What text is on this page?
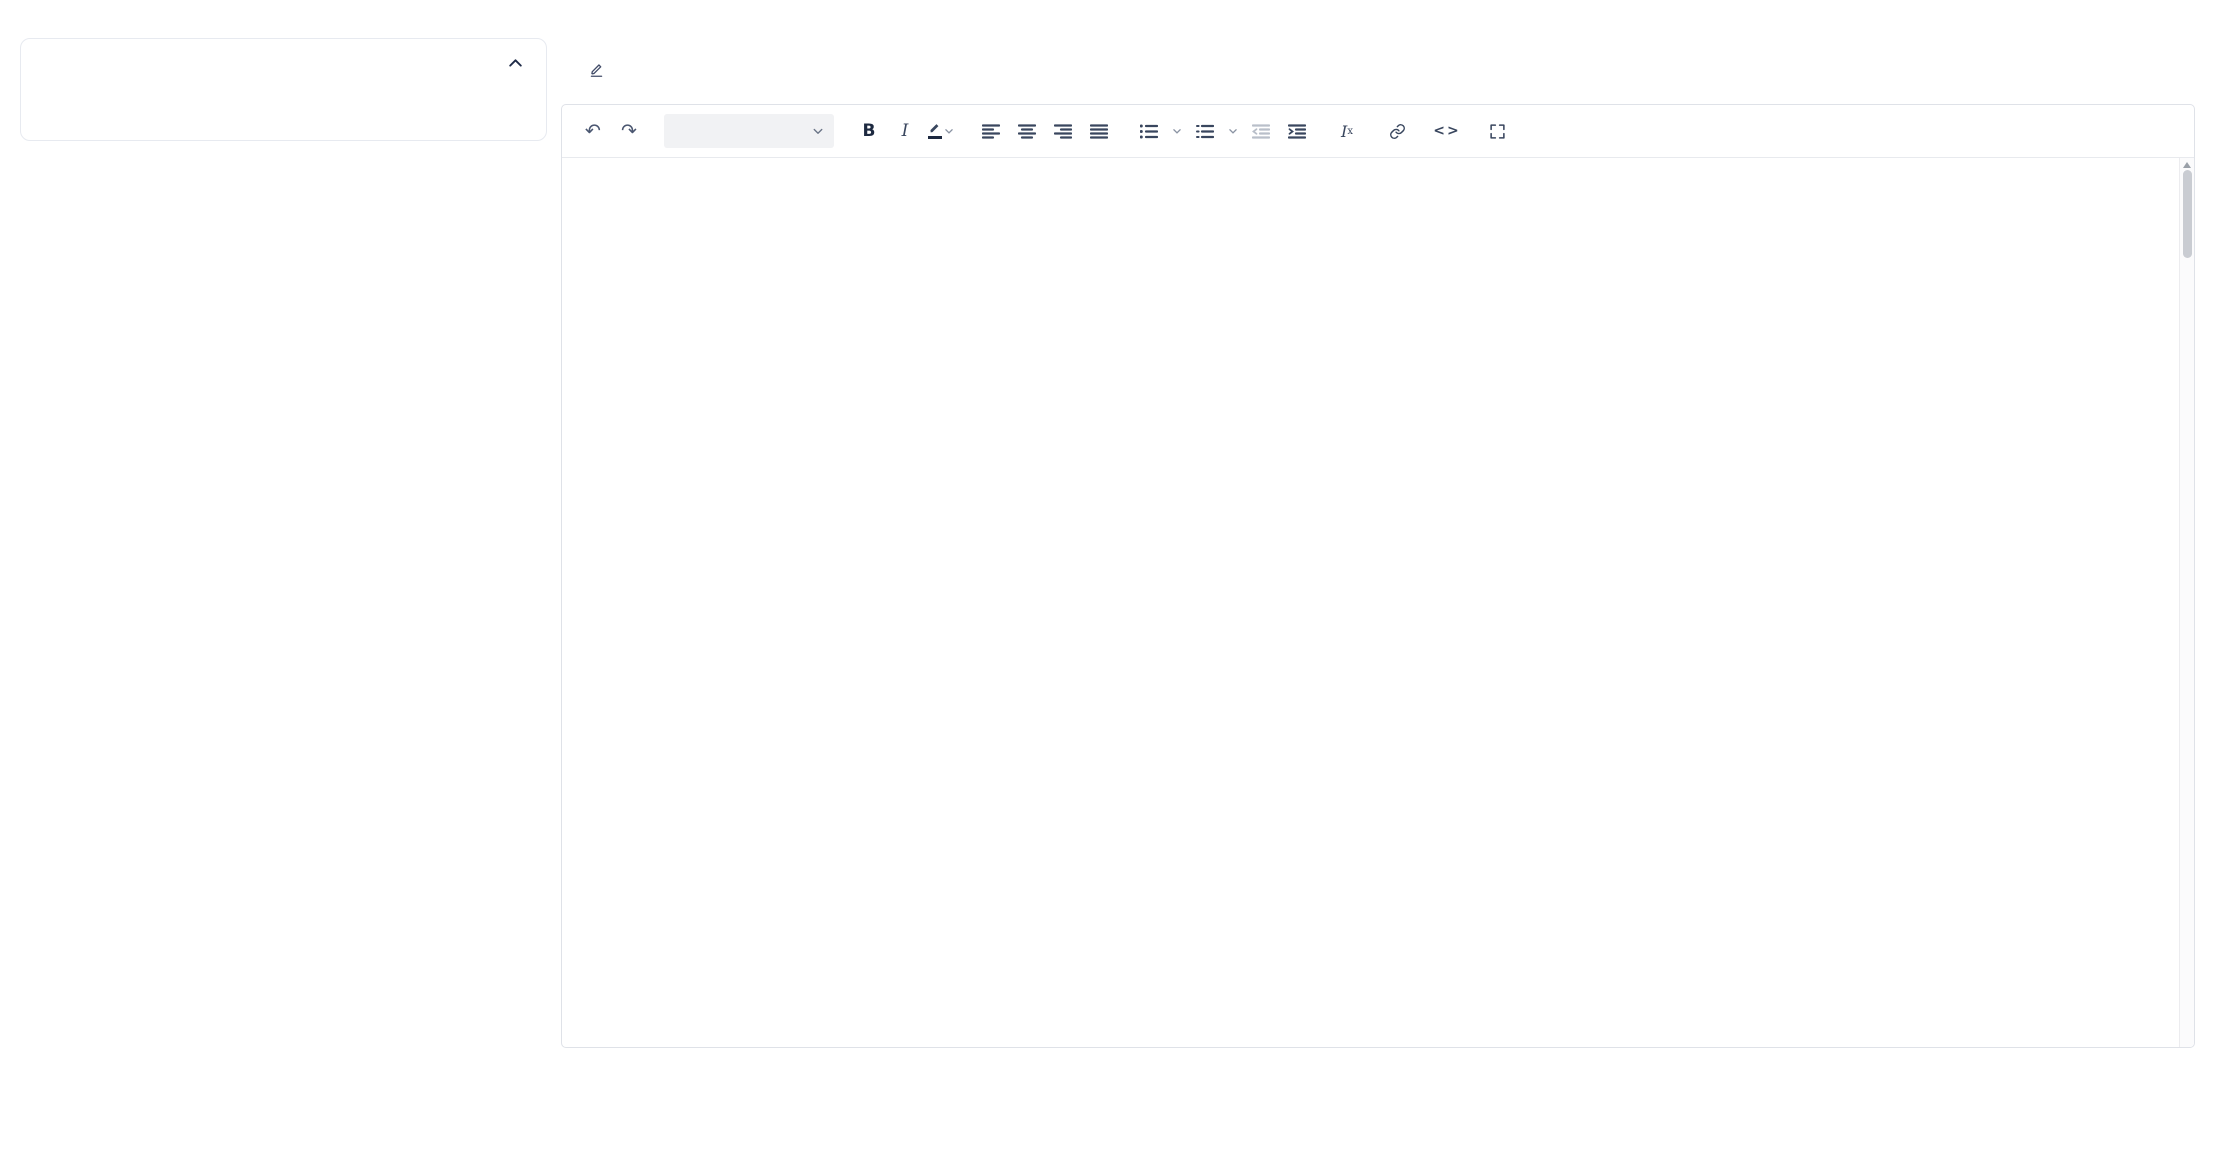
↶	↷	B	I	I x	<>
